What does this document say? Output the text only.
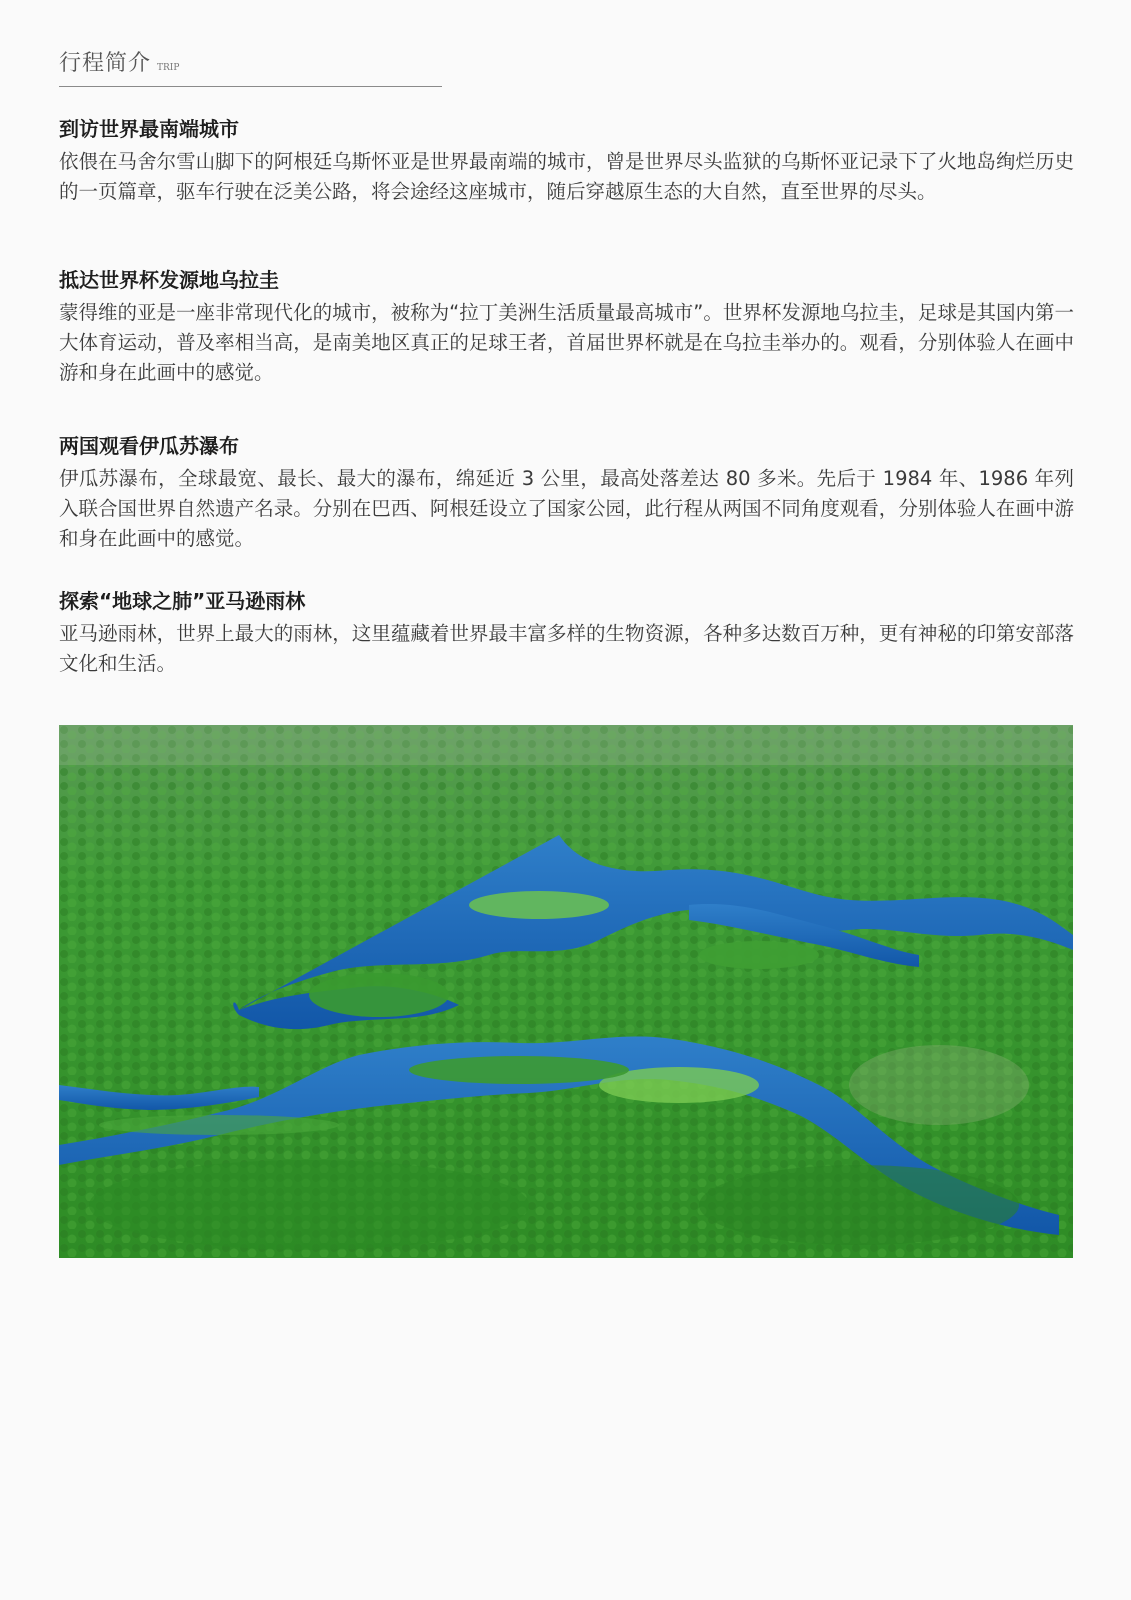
行程简介 TRIP
到访世界最南端城市

依偎在马舍尔雪山脚下的阿根廷乌斯怀亚是世界最南端的城市，曾是世界尽头监狱的乌斯怀亚记录下了火地岛绚烂历史的一页篇章，驱车行驶在泛美公路，将会途经这座城市，随后穿越原生态的大自然，直至世界的尽头。

抵达世界杯发源地乌拉圭

蒙得维的亚是一座非常现代化的城市，被称为“拉丁美洲生活质量最高城市”。世界杯发源地乌拉圭，足球是其国内第一大体育运动，普及率相当高，是南美地区真正的足球王者，首届世界杯就是在乌拉圭举办的。观看，分别体验人在画中游和身在此画中的感觉。

两国观看伊瓜苏瀑布

伊瓜苏瀑布，全球最宽、最长、最大的瀑布，绵延近 3 公里，最高处落差达 80 多米。先后于 1984 年、1986 年列入联合国世界自然遗产名录。分别在巴西、阿根廷设立了国家公园，此行程从两国不同角度观看，分别体验人在画中游和身在此画中的感觉。

探索“地球之肺”亚马逊雨林

亚马逊雨林，世界上最大的雨林，这里蕴藏着世界最丰富多样的生物资源，各种多达数百万种，更有神秘的印第安部落文化和生活。
